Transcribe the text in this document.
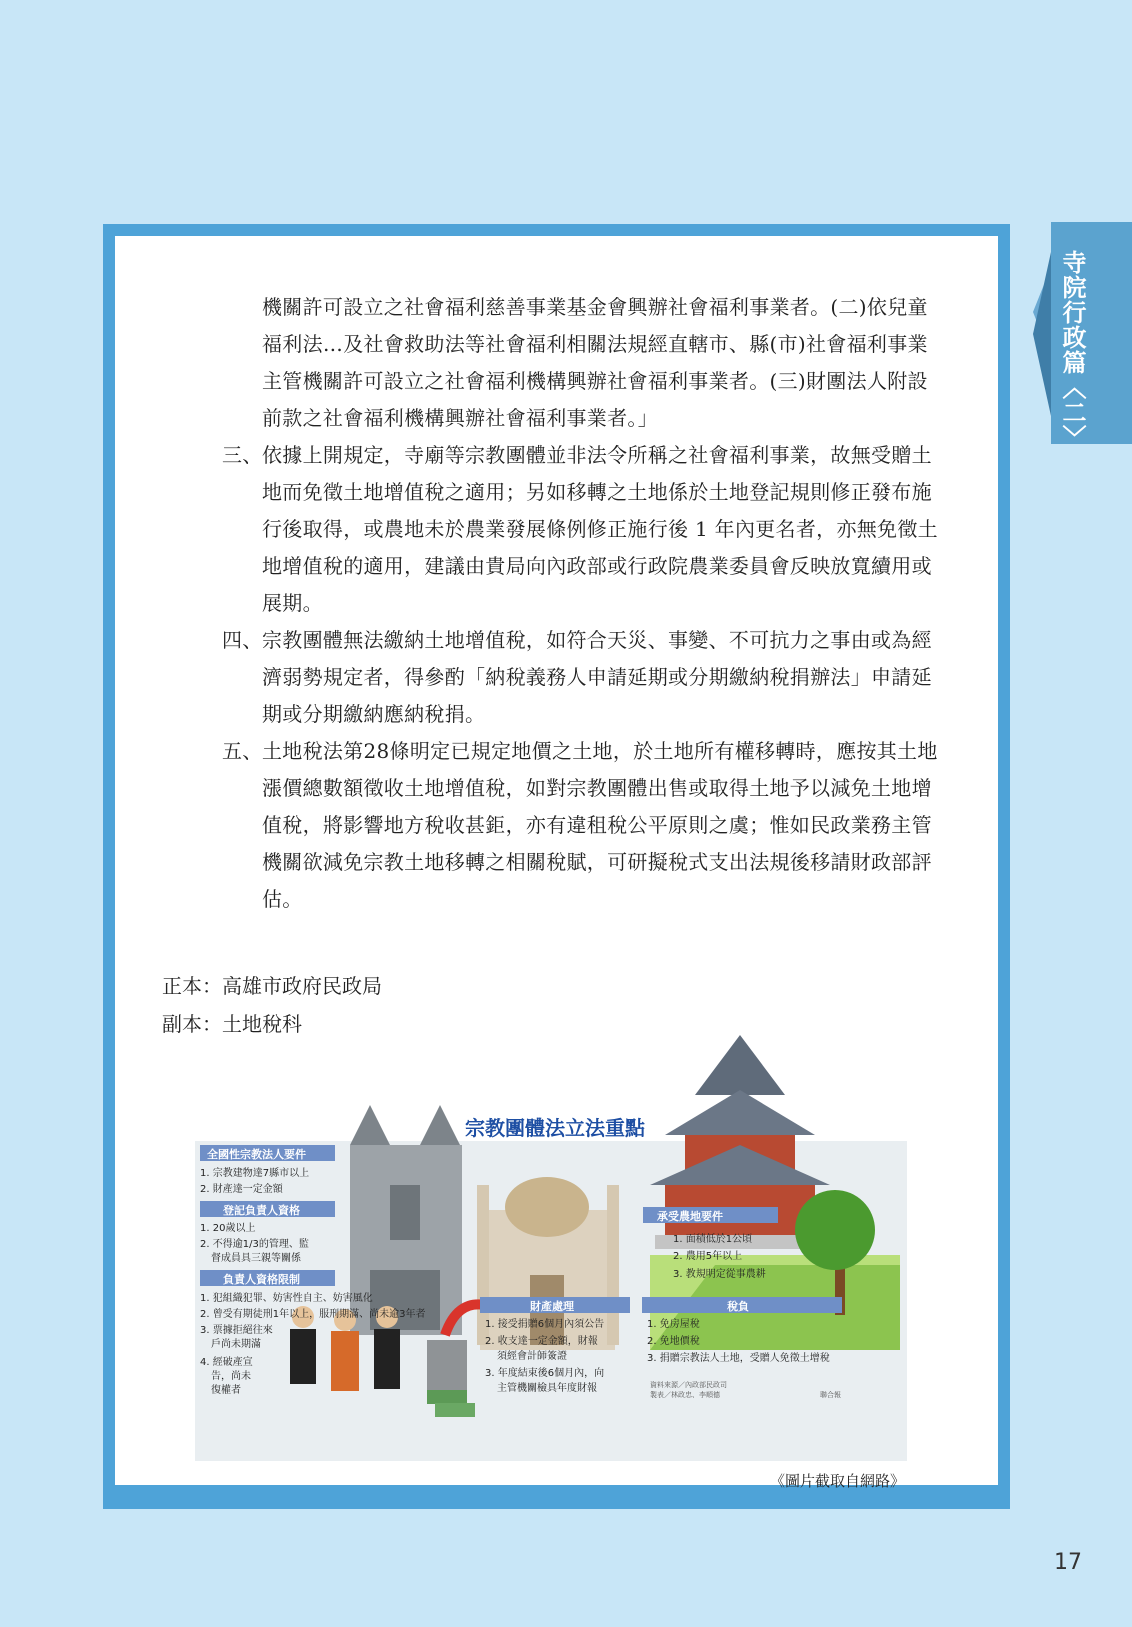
寺院行政篇〈二〉

機關許可設立之社會福利慈善事業基金會興辦社會福利事業者。(二)依兒童福利法…及社會救助法等社會福利相關法規經直轄市、縣(市)社會福利事業主管機關許可設立之社會福利機構興辦社會福利事業者。(三)財團法人附設前款之社會福利機構興辦社會福利事業者。」

三、 依據上開規定，寺廟等宗教團體並非法令所稱之社會福利事業，故無受贈土地而免徵土地增值稅之適用；另如移轉之土地係於土地登記規則修正發布施行後取得，或農地未於農業發展條例修正施行後 1 年內更名者，亦無免徵土地增值稅的適用，建議由貴局向內政部或行政院農業委員會反映放寬續用或展期。
四、 宗教團體無法繳納土地增值稅，如符合天災、事變、不可抗力之事由或為經濟弱勢規定者，得參酌「納稅義務人申請延期或分期繳納稅捐辦法」申請延期或分期繳納應納稅捐。
五、 土地稅法第28條明定已規定地價之土地，於土地所有權移轉時，應按其土地漲價總數額徵收土地增值稅，如對宗教團體出售或取得土地予以減免土地增值稅，將影響地方稅收甚鉅，亦有違租稅公平原則之虞；惟如民政業務主管機關欲減免宗教土地移轉之相關稅賦，可研擬稅式支出法規後移請財政部評估。
正本：高雄市政府民政局
副本：土地稅科
宗教團體法立法重點
全國性宗教法人要件
1. 宗教建物達7縣市以上
2. 財產達一定金額
登記負責人資格
1. 20歲以上
2. 不得逾1/3的管理、監
督成員具三親等關係
負責人資格限制
1. 犯組織犯罪、妨害性自主、妨害風化
2. 曾受有期徒刑1年以上，服刑期滿、尚未逾3年者
3. 票據拒絕往來
戶尚未期滿
4. 經破產宣
告，尚未
復權者
財產處理
1. 接受捐贈6個月內須公告
2. 收支達一定金額，財報
須經會計師簽證
3. 年度結束後6個月內，向
主管機關檢具年度財報
承受農地要件
1. 面積低於1公頃
2. 農用5年以上
3. 教規明定從事農耕
稅負
1. 免房屋稅
2. 免地價稅
3. 捐贈宗教法人土地，受贈人免徵土增稅
資料來源／內政部民政司
製表／林政忠、李順德	聯合報
《圖片截取自網路》
17
